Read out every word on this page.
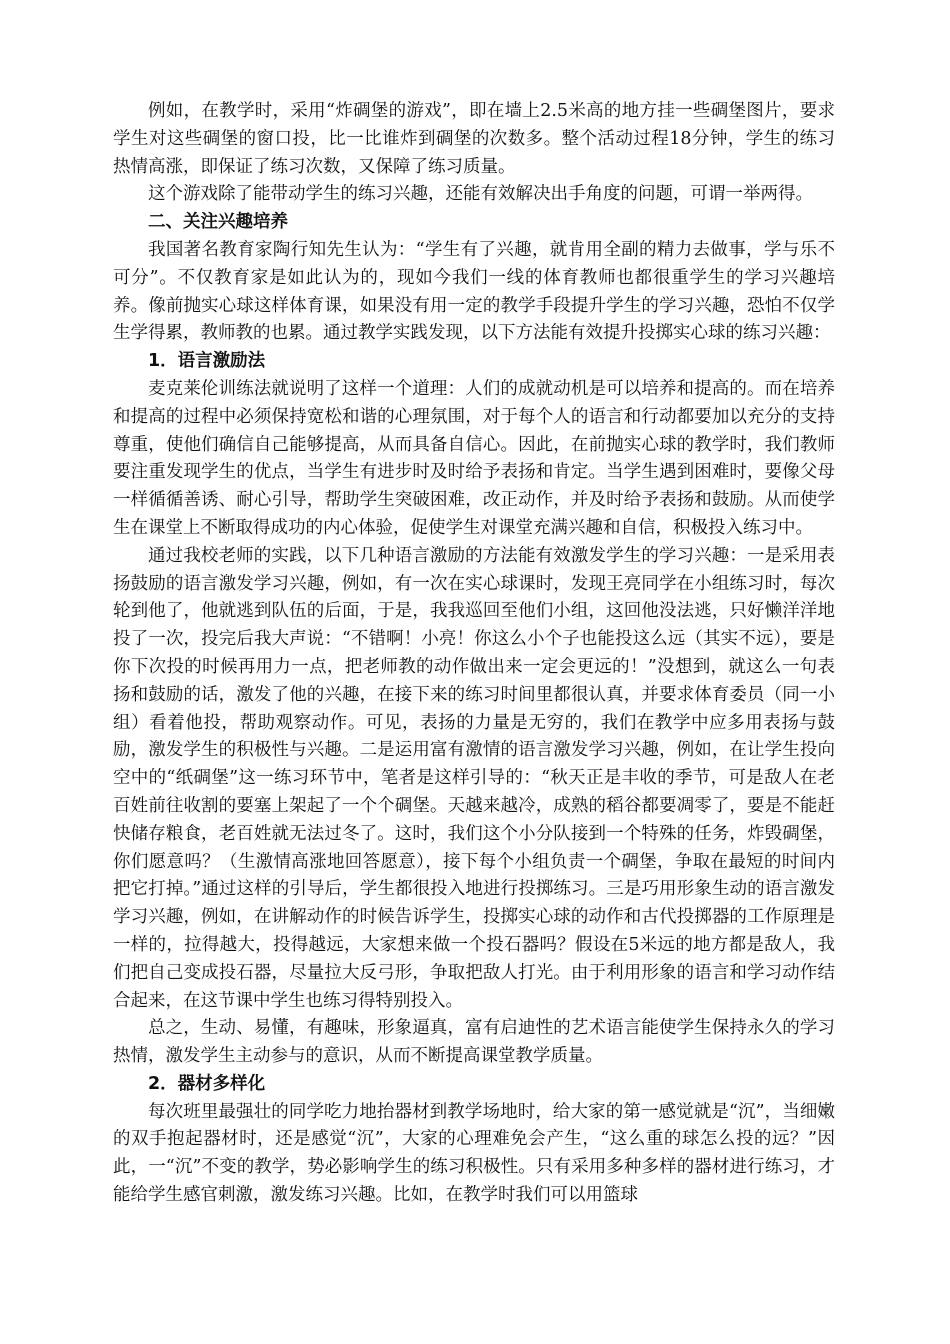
例如，在教学时，采用“炸碉堡的游戏”，即在墙上2.5米高的地方挂一些碉堡图片，要求学生对这些碉堡的窗口投，比一比谁炸到碉堡的次数多。整个活动过程18分钟，学生的练习热情高涨，即保证了练习次数，又保障了练习质量。

这个游戏除了能带动学生的练习兴趣，还能有效解决出手角度的问题，可谓一举两得。

二、关注兴趣培养

我国著名教育家陶行知先生认为：“学生有了兴趣，就肯用全副的精力去做事，学与乐不可分”。不仅教育家是如此认为的，现如今我们一线的体育教师也都很重学生的学习兴趣培养。像前抛实心球这样体育课，如果没有用一定的教学手段提升学生的学习兴趣，恐怕不仅学生学得累，教师教的也累。通过教学实践发现，以下方法能有效提升投掷实心球的练习兴趣：

1．语言激励法

麦克莱伦训练法就说明了这样一个道理：人们的成就动机是可以培养和提高的。而在培养和提高的过程中必须保持宽松和谐的心理氛围，对于每个人的语言和行动都要加以充分的支持尊重，使他们确信自己能够提高，从而具备自信心。因此，在前抛实心球的教学时，我们教师要注重发现学生的优点，当学生有进步时及时给予表扬和肯定。当学生遇到困难时，要像父母一样循循善诱、耐心引导，帮助学生突破困难，改正动作，并及时给予表扬和鼓励。从而使学生在课堂上不断取得成功的内心体验，促使学生对课堂充满兴趣和自信，积极投入练习中。

通过我校老师的实践，以下几种语言激励的方法能有效激发学生的学习兴趣：一是采用表扬鼓励的语言激发学习兴趣，例如，有一次在实心球课时，发现王亮同学在小组练习时，每次轮到他了，他就逃到队伍的后面，于是，我我巡回至他们小组，这回他没法逃，只好懒洋洋地投了一次，投完后我大声说：“不错啊！小亮！你这么小个子也能投这么远（其实不远），要是你下次投的时候再用力一点，把老师教的动作做出来一定会更远的！”没想到，就这么一句表扬和鼓励的话，激发了他的兴趣，在接下来的练习时间里都很认真，并要求体育委员（同一小组）看着他投，帮助观察动作。可见，表扬的力量是无穷的，我们在教学中应多用表扬与鼓励，激发学生的积极性与兴趣。二是运用富有激情的语言激发学习兴趣，例如，在让学生投向空中的“纸碉堡”这一练习环节中，笔者是这样引导的：“秋天正是丰收的季节，可是敌人在老百姓前往收割的要塞上架起了一个个碉堡。天越来越冷，成熟的稻谷都要凋零了，要是不能赶快储存粮食，老百姓就无法过冬了。这时，我们这个小分队接到一个特殊的任务，炸毁碉堡，你们愿意吗？（生激情高涨地回答愿意），接下每个小组负责一个碉堡，争取在最短的时间内把它打掉。”通过这样的引导后，学生都很投入地进行投掷练习。三是巧用形象生动的语言激发学习兴趣，例如，在讲解动作的时候告诉学生，投掷实心球的动作和古代投掷器的工作原理是一样的，拉得越大，投得越远，大家想来做一个投石器吗？假设在5米远的地方都是敌人，我们把自己变成投石器，尽量拉大反弓形，争取把敌人打光。由于利用形象的语言和学习动作结合起来，在这节课中学生也练习得特别投入。

总之，生动、易懂，有趣味，形象逼真，富有启迪性的艺术语言能使学生保持永久的学习热情，激发学生主动参与的意识，从而不断提高课堂教学质量。

2．器材多样化

每次班里最强壮的同学吃力地抬器材到教学场地时，给大家的第一感觉就是“沉”，当细嫩的双手抱起器材时，还是感觉“沉”，大家的心理难免会产生，“这么重的球怎么投的远？”因此，一“沉”不变的教学，势必影响学生的练习积极性。只有采用多种多样的器材进行练习，才能给学生感官刺激，激发练习兴趣。比如，在教学时我们可以用篮球
